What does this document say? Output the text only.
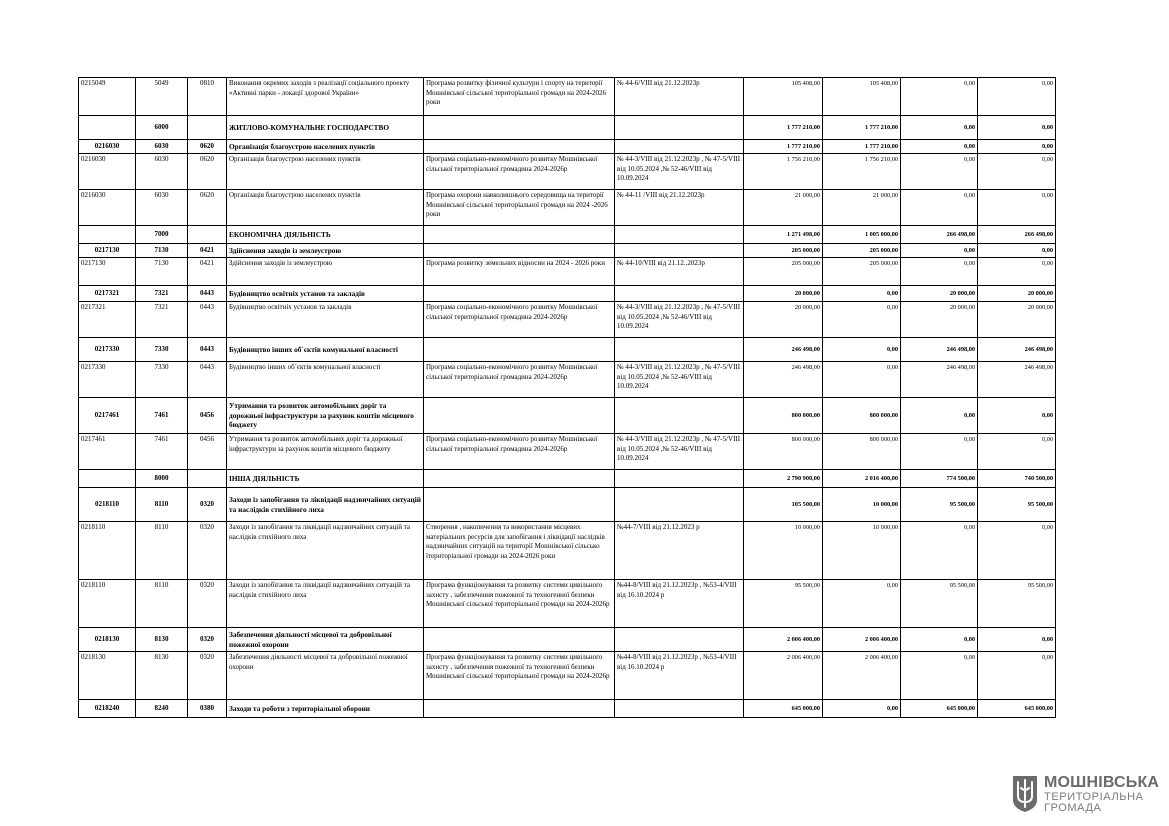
0215049	5049	0810	Виконання окремих заходів з реалізації соціального проекту «Активні парки - локації здорової України»	Програма розвитку фізичної культури і спорту на території Мошнівської сільської територіальної громади на 2024-2026 роки	№ 44-6/VIII від 21.12.2023р	105 408,00	105 408,00	0,00	0,00
	6000		ЖИТЛОВО-КОМУНАЛЬНЕ ГОСПОДАРСТВО			1 777 210,00	1 777 210,00	0,00	0,00
0216030	6030	0620	Організація благоустрою населених пунктів			1 777 210,00	1 777 210,00	0,00	0,00
0216030	6030	0620	Організація благоустрою населених пунктів	Програма соціально-економічного розвитку Мошнівської сільської територіальної громадина 2024-2026р	№ 44-3/VIII від 21.12.2023р , № 47-5/VIII від 10.05.2024 ,№ 52-46/VIII від 10.09.2024	1 756 210,00	1 756 210,00	0,00	0,00
0216030	6030	0620	Організація благоустрою населених пунктів	Програма охорони навколишнього середовища на території Мошнівської сільської територіальної громади на 2024 -2026 роки	№ 44-11 /VIII від 21.12.2023р	21 000,00	21 000,00	0,00	0,00
	7000		ЕКОНОМІЧНА ДІЯЛЬНІСТЬ			1 271 498,00	1 005 000,00	266 498,00	266 498,00
0217130	7130	0421	Здійснення заходів із землеустрою			205 000,00	205 000,00	0,00	0,00
0217130	7130	0421	Здійснення заходів із землеустрою	Програма розвитку земельних відносин на 2024 - 2026 роки	№ 44-10/VIII від 21.12..2023р	205 000,00	205 000,00	0,00	0,00
0217321	7321	0443	Будівництво освітніх установ та закладів			20 000,00	0,00	20 000,00	20 000,00
0217321	7321	0443	Будівництво освітніх установ та закладів	Програма соціально-економічного розвитку Мошнівської сільської територіальної громадина 2024-2026р	№ 44-3/VIII від 21.12.2023р , № 47-5/VIII від 10.05.2024 ,№ 52-46/VIII від 10.09.2024	20 000,00	0,00	20 000,00	20 000,00
0217330	7330	0443	Будівництво інших об`єктів комунальної власності			246 498,00	0,00	246 498,00	246 498,00
0217330	7330	0443	Будівництво інших об`єктів комунальної власності	Програма соціально-економічного розвитку Мошнівської сільської територіальної громадина 2024-2026р	№ 44-3/VIII від 21.12.2023р , № 47-5/VIII від 10.05.2024 ,№ 52-46/VIII від 10.09.2024	246 498,00	0,00	246 498,00	246 498,00
0217461	7461	0456	Утримання та розвиток автомобільних доріг та дорожньої інфраструктури за рахунок коштів місцевого бюджету			800 000,00	800 000,00	0,00	0,00
0217461	7461	0456	Утримання та розвиток автомобільних доріг та дорожньої інфраструктури за рахунок коштів місцевого бюджету	Програма соціально-економічного розвитку Мошнівської сільської територіальної громадина 2024-2026р	№ 44-3/VIII від 21.12.2023р , № 47-5/VIII від 10.05.2024 ,№ 52-46/VIII від 10.09.2024	800 000,00	800 000,00	0,00	0,00
	8000		ІНША ДІЯЛЬНІСТЬ			2 790 900,00	2 016 400,00	774 500,00	740 500,00
0218110	8110	0320	Заходи із запобігання та ліквідації надзвичайних ситуацій та наслідків стихійного лиха			105 500,00	10 000,00	95 500,00	95 500,00
0218110	8110	0320	Заходи із запобігання та ліквідації надзвичайних ситуацій та наслідків стихійного лиха	Створення , накопичення та використання місцевих матеріальних ресурсів для запобігання і ліквідації наслідків надзвичайних ситуацій на території Мошнівської сільсько їтериторіальної громади на 2024-2026 роки	№44-7/VIII від 21.12.2023 р	10 000,00	10 000,00	0,00	0,00
0218110	8110	0320	Заходи із запобігання та ліквідації надзвичайних ситуацій та наслідків стихійного лиха	Програма функціонування та розвитку системи цивільного захисту , забезпечення пожежної та техногенної безпеки Мошнівської сільської територіальної громади на 2024-2026р	№44-8/VIII від 21.12.2023р , №53-4/VIII від 16.10.2024 р	95 500,00	0,00	95 500,00	95 500,00
0218130	8130	0320	Забезпечення діяльності місцевої та добровільної пожежної охорони			2 006 400,00	2 006 400,00	0,00	0,00
0218130	8130	0320	Забезпечення діяльності місцевої та добровільної пожежної охорони	Програма функціонування та розвитку системи цивільного захисту , забезпечення пожежної та техногенної безпеки Мошнівської сільської територіальної громади на 2024-2026р	№44-8/VIII від 21.12.2023р , №53-4/VIII від 16.10.2024 р	2 006 400,00	2 006 400,00	0,00	0,00
0218240	8240	0380	Заходи та роботи з територіальної оборони			645 000,00	0,00	645 000,00	645 000,00
МОШНІВСЬКА
ТЕРИТОРІАЛЬНА
ГРОМАДА
